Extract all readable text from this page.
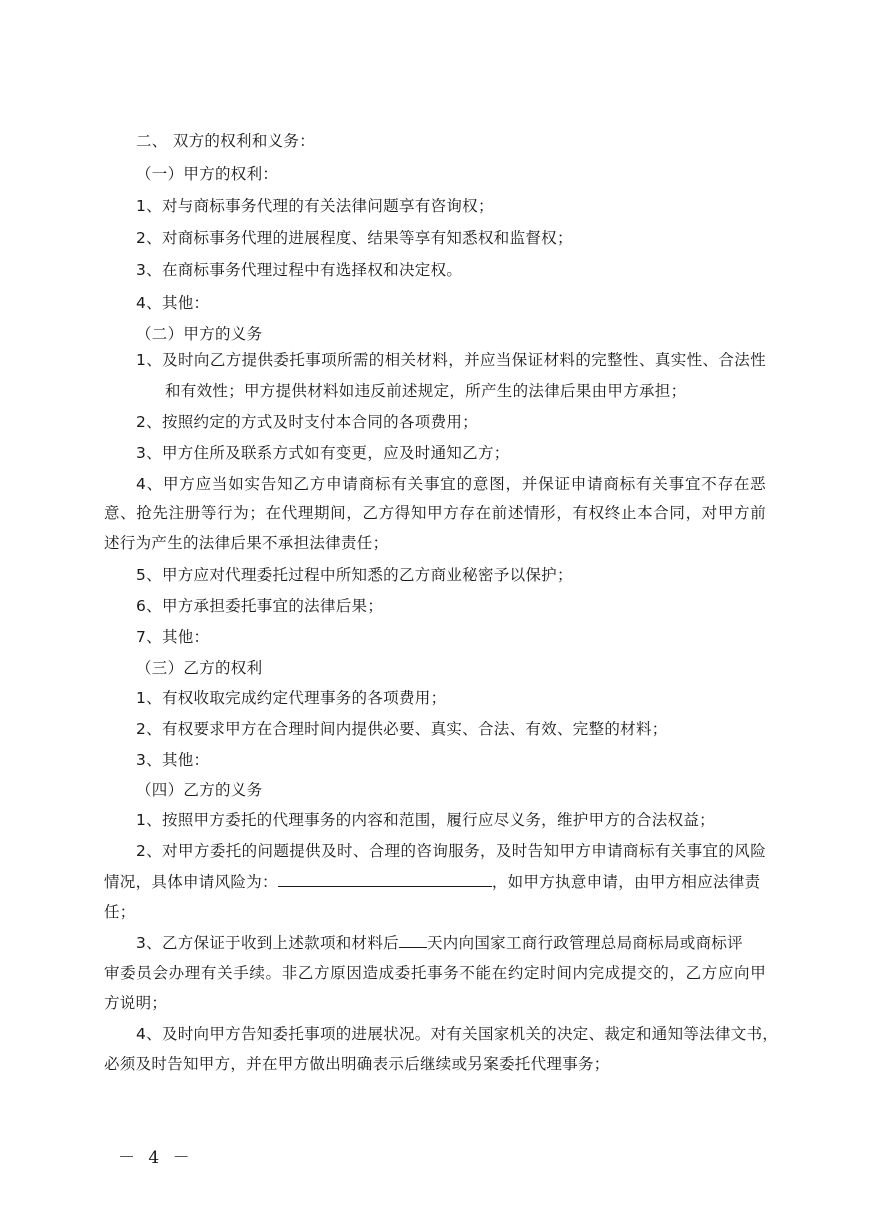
二、 双方的权利和义务：
（一）甲方的权利：
1、对与商标事务代理的有关法律问题享有咨询权；
2、对商标事务代理的进展程度、结果等享有知悉权和监督权；
3、在商标事务代理过程中有选择权和决定权。
4、其他：
（二）甲方的义务
1、及时向乙方提供委托事项所需的相关材料，并应当保证材料的完整性、真实性、合法性
和有效性；甲方提供材料如违反前述规定，所产生的法律后果由甲方承担；
2、按照约定的方式及时支付本合同的各项费用；
3、甲方住所及联系方式如有变更，应及时通知乙方；
4、甲方应当如实告知乙方申请商标有关事宜的意图，并保证申请商标有关事宜不存在恶
意、抢先注册等行为；在代理期间，乙方得知甲方存在前述情形，有权终止本合同，对甲方前
述行为产生的法律后果不承担法律责任；
5、甲方应对代理委托过程中所知悉的乙方商业秘密予以保护；
6、甲方承担委托事宜的法律后果；
7、其他：
（三）乙方的权利
1、有权收取完成约定代理事务的各项费用；
2、有权要求甲方在合理时间内提供必要、真实、合法、有效、完整的材料；
3、其他：
（四）乙方的义务
1、按照甲方委托的代理事务的内容和范围，履行应尽义务，维护甲方的合法权益；
2、对甲方委托的问题提供及时、合理的咨询服务，及时告知甲方申请商标有关事宜的风险
情况，具体申请风险为：	，如甲方执意申请，由甲方相应法律责
任；
3、乙方保证于收到上述款项和材料后 天内向国家工商行政管理总局商标局或商标评
审委员会办理有关手续。非乙方原因造成委托事务不能在约定时间内完成提交的，乙方应向甲
方说明；
4、及时向甲方告知委托事项的进展状况。对有关国家机关的决定、裁定和通知等法律文书，
必须及时告知甲方，并在甲方做出明确表示后继续或另案委托代理事务；
－ 4 －
